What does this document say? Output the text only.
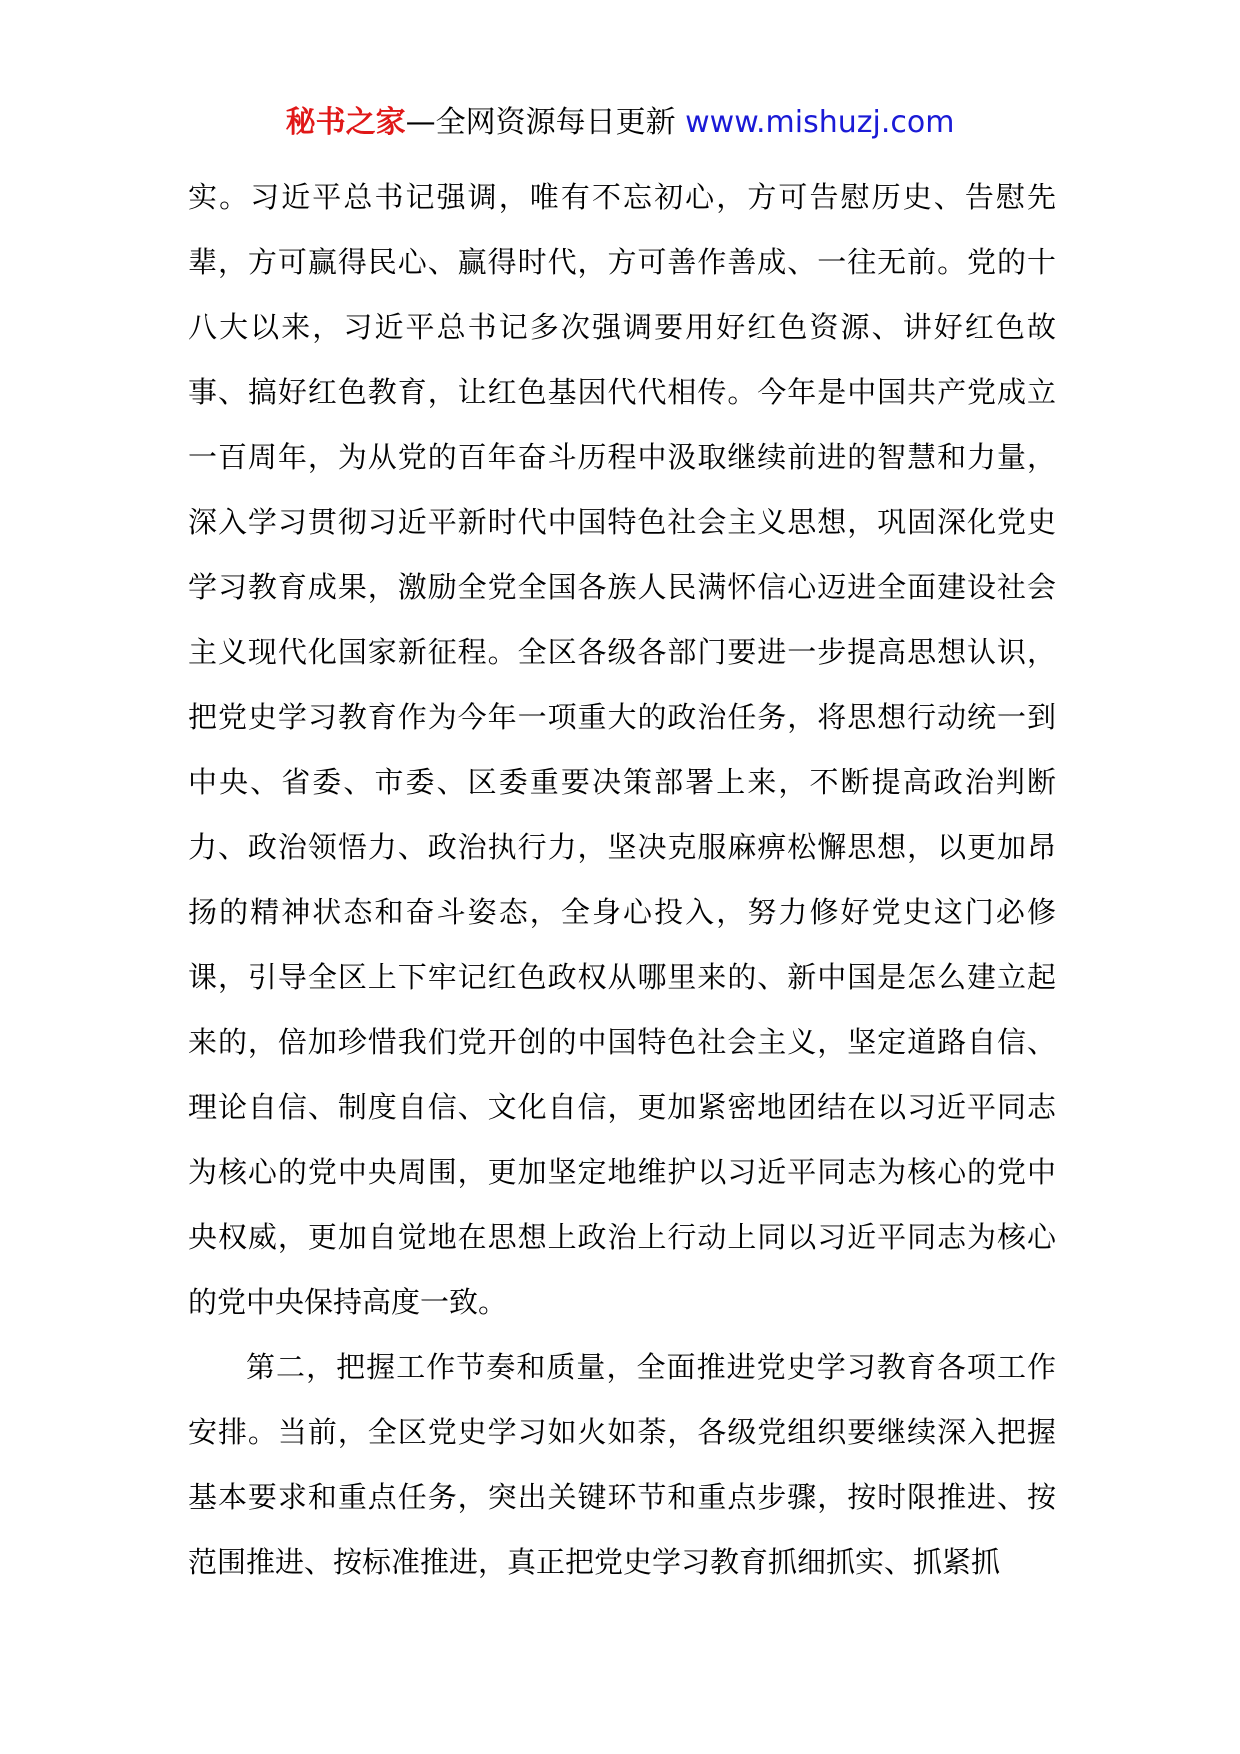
秘书之家—全网资源每日更新 www.mishuzj.com

实。习近平总书记强调，唯有不忘初心，方可告慰历史、告慰先辈，方可赢得民心、赢得时代，方可善作善成、一往无前。党的十八大以来，习近平总书记多次强调要用好红色资源、讲好红色故事、搞好红色教育，让红色基因代代相传。今年是中国共产党成立一百周年，为从党的百年奋斗历程中汲取继续前进的智慧和力量，深入学习贯彻习近平新时代中国特色社会主义思想，巩固深化党史学习教育成果，激励全党全国各族人民满怀信心迈进全面建设社会主义现代化国家新征程。全区各级各部门要进一步提高思想认识，把党史学习教育作为今年一项重大的政治任务，将思想行动统一到中央、省委、市委、区委重要决策部署上来，不断提高政治判断力、政治领悟力、政治执行力，坚决克服麻痹松懈思想，以更加昂扬的精神状态和奋斗姿态，全身心投入，努力修好党史这门必修课，引导全区上下牢记红色政权从哪里来的、新中国是怎么建立起来的，倍加珍惜我们党开创的中国特色社会主义，坚定道路自信、理论自信、制度自信、文化自信，更加紧密地团结在以习近平同志为核心的党中央周围，更加坚定地维护以习近平同志为核心的党中央权威，更加自觉地在思想上政治上行动上同以习近平同志为核心的党中央保持高度一致。

第二，把握工作节奏和质量，全面推进党史学习教育各项工作安排。当前，全区党史学习如火如荼，各级党组织要继续深入把握基本要求和重点任务，突出关键环节和重点步骤，按时限推进、按范围推进、按标准推进，真正把党史学习教育抓细抓实、抓紧抓
